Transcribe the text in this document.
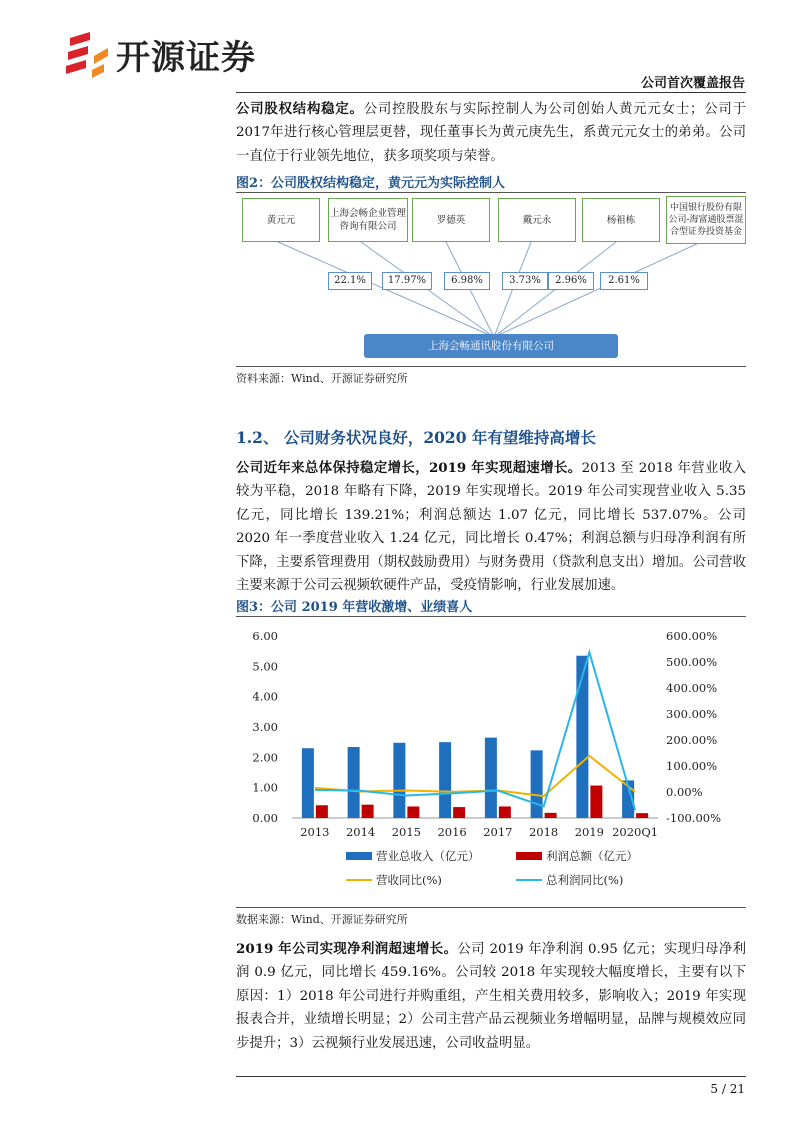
开源证券
公司首次覆盖报告
公司股权结构稳定。公司控股股东与实际控制人为公司创始人黄元元女士；公司于2017年进行核心管理层更替，现任董事长为黄元庚先生，系黄元元女士的弟弟。公司一直位于行业领先地位，获多项奖项与荣誉。
图2：公司股权结构稳定，黄元元为实际控制人
黄元元
上海会畅企业管理咨询有限公司
罗德英	戴元永	杨祖栋
中国银行股份有限公司-海富通股票混合型证券投资基金
22.1%	17.97%	6.98%	3.73%	2.96%	2.61%
上海会畅通讯股份有限公司
资料来源：Wind、开源证券研究所
1.2、 公司财务状况良好，2020 年有望维持高增长
公司近年来总体保持稳定增长，2019 年实现超速增长。2013 至 2018 年营业收入较为平稳，2018 年略有下降，2019 年实现增长。2019 年公司实现营业收入 5.35 亿元，同比增长 139.21%；利润总额达 1.07 亿元，同比增长 537.07%。公司 2020 年一季度营业收入 1.24 亿元，同比增长 0.47%；利润总额与归母净利润有所下降，主要系管理费用（期权鼓励费用）与财务费用（贷款利息支出）增加。公司营收主要来源于公司云视频软硬件产品，受疫情影响，行业发展加速。
图3：公司 2019 年营收激增、业绩喜人
0.00
1.00
2.00
3.00
4.00
5.00
6.00
-100.00%
0.00%
100.00%
200.00%
300.00%
400.00%
500.00%
600.00%
2013 2014 2015 2016 2017 2018 2019 2020Q1
营业总收入（亿元）	利润总额（亿元）
营收同比(%)	总利润同比(%)
数据来源：Wind、开源证券研究所
2019 年公司实现净利润超速增长。公司 2019 年净利润 0.95 亿元；实现归母净利润 0.9 亿元，同比增长 459.16%。公司较 2018 年实现较大幅度增长，主要有以下原因：1）2018 年公司进行并购重组，产生相关费用较多，影响收入；2019 年实现报表合并，业绩增长明显；2）公司主营产品云视频业务增幅明显，品牌与规模效应同步提升；3）云视频行业发展迅速，公司收益明显。
5 / 21
